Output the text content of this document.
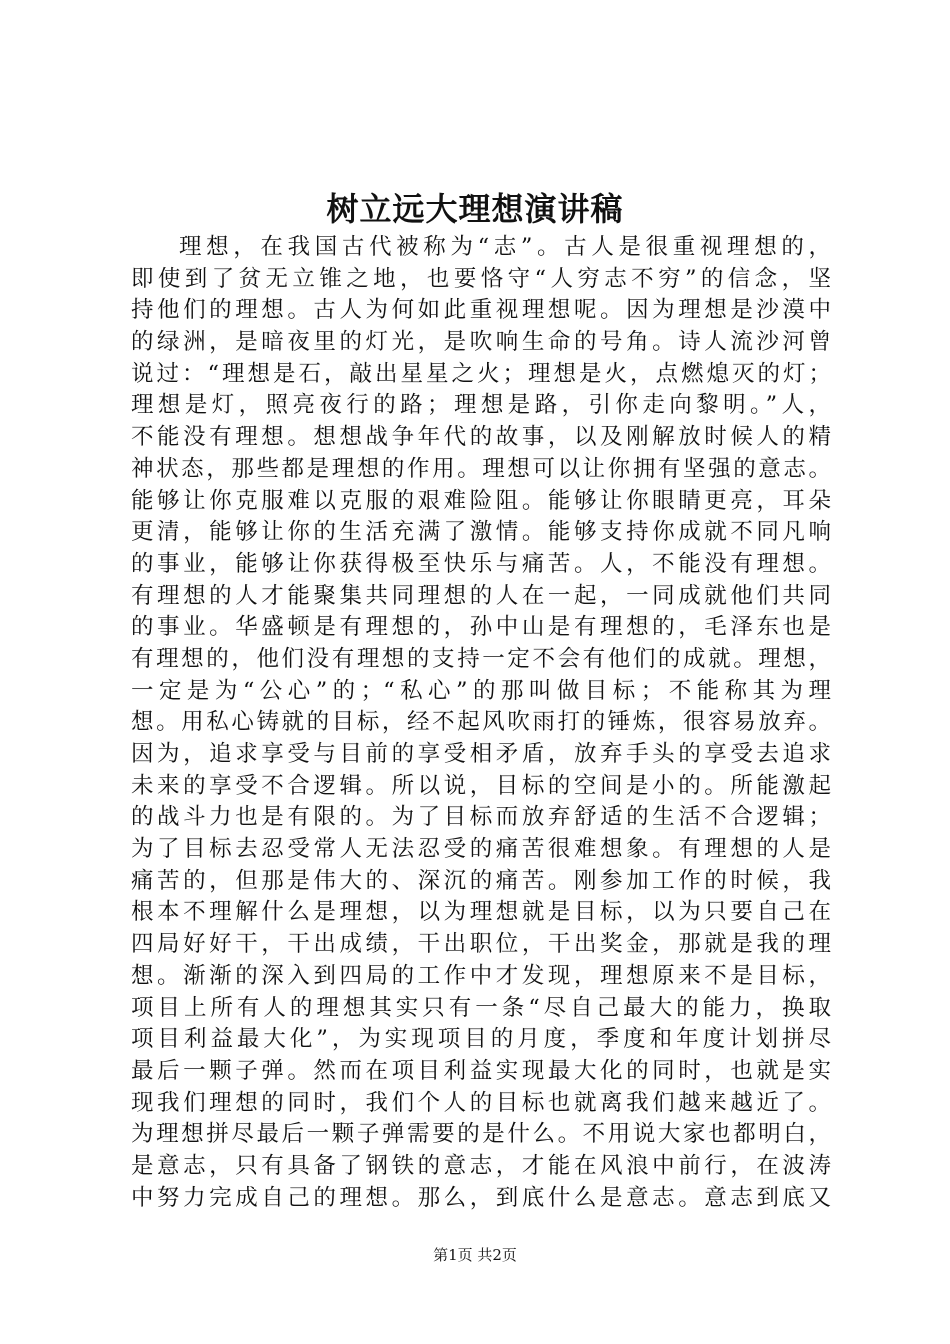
树立远大理想演讲稿
理想，在我国古代被称为“志”。古人是很重视理想的，
即使到了贫无立锥之地，也要恪守“人穷志不穷”的信念，坚
持他们的理想。古人为何如此重视理想呢。因为理想是沙漠中
的绿洲，是暗夜里的灯光，是吹响生命的号角。诗人流沙河曾
说过：“理想是石，敲出星星之火；理想是火，点燃熄灭的灯；
理想是灯，照亮夜行的路；理想是路，引你走向黎明。”人，
不能没有理想。想想战争年代的故事，以及刚解放时候人的精
神状态，那些都是理想的作用。理想可以让你拥有坚强的意志。
能够让你克服难以克服的艰难险阻。能够让你眼睛更亮，耳朵
更清，能够让你的生活充满了激情。能够支持你成就不同凡响
的事业，能够让你获得极至快乐与痛苦。人，不能没有理想。
有理想的人才能聚集共同理想的人在一起，一同成就他们共同
的事业。华盛顿是有理想的，孙中山是有理想的，毛泽东也是
有理想的，他们没有理想的支持一定不会有他们的成就。理想，
一定是为“公心”的；“私心”的那叫做目标；不能称其为理
想。用私心铸就的目标，经不起风吹雨打的锤炼，很容易放弃。
因为，追求享受与目前的享受相矛盾，放弃手头的享受去追求
未来的享受不合逻辑。所以说，目标的空间是小的。所能激起
的战斗力也是有限的。为了目标而放弃舒适的生活不合逻辑；
为了目标去忍受常人无法忍受的痛苦很难想象。有理想的人是
痛苦的，但那是伟大的、深沉的痛苦。刚参加工作的时候，我
根本不理解什么是理想，以为理想就是目标，以为只要自己在
四局好好干，干出成绩，干出职位，干出奖金，那就是我的理
想。渐渐的深入到四局的工作中才发现，理想原来不是目标，
项目上所有人的理想其实只有一条“尽自己最大的能力，换取
项目利益最大化”，为实现项目的月度，季度和年度计划拼尽
最后一颗子弹。然而在项目利益实现最大化的同时，也就是实
现我们理想的同时，我们个人的目标也就离我们越来越近了。
为理想拼尽最后一颗子弹需要的是什么。不用说大家也都明白，
是意志，只有具备了钢铁的意志，才能在风浪中前行，在波涛
中努力完成自己的理想。那么，到底什么是意志。意志到底又
第1页 共2页
